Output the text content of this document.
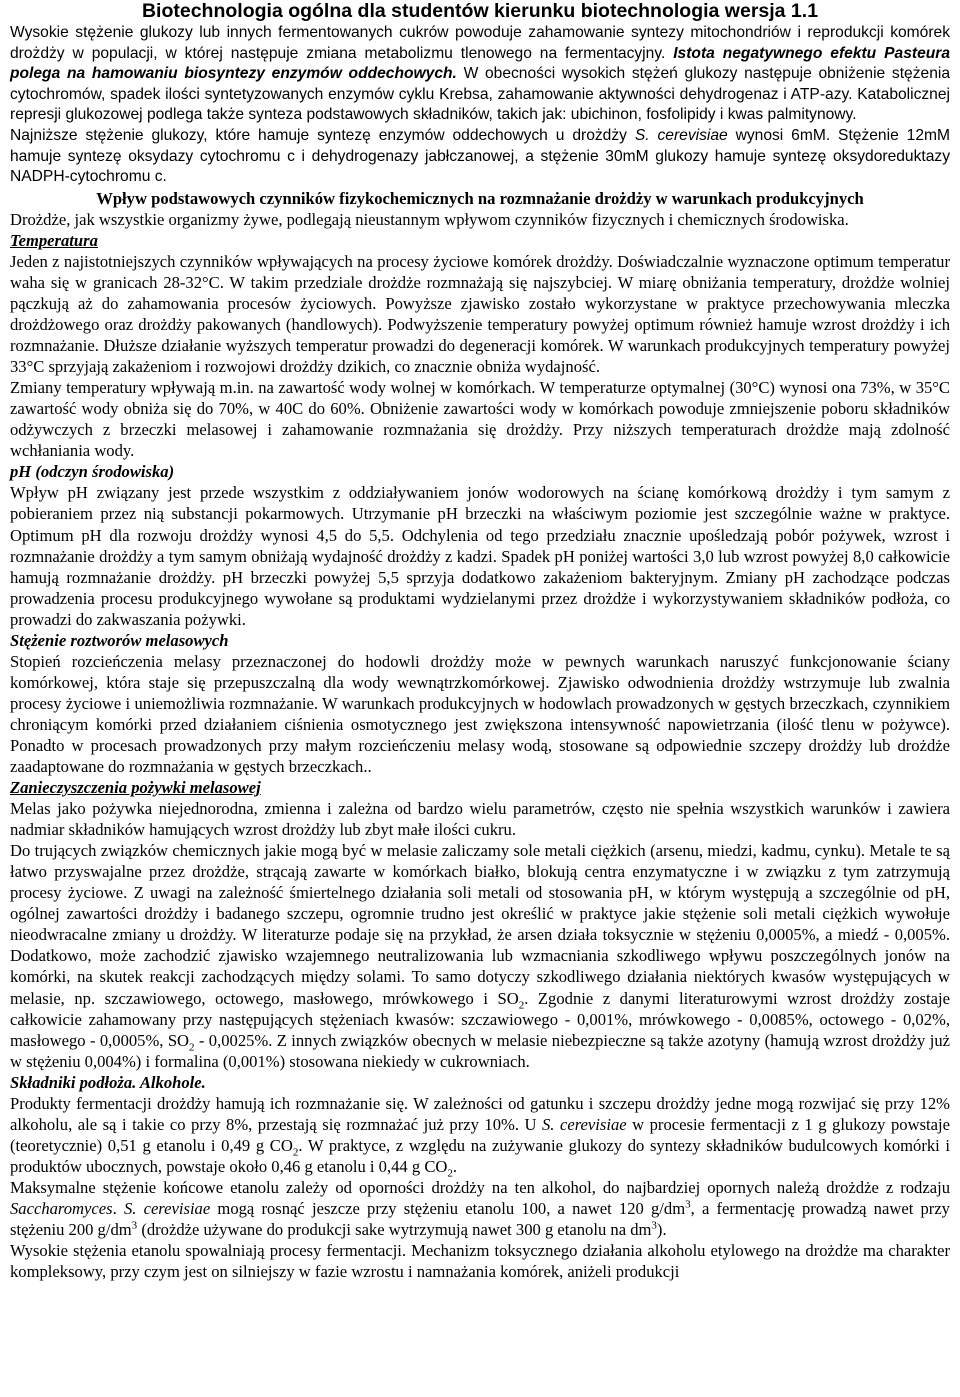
Biotechnologia ogólna dla studentów kierunku biotechnologia wersja 1.1

Wysokie stężenie glukozy lub innych fermentowanych cukrów powoduje zahamowanie syntezy mitochondriów i reprodukcji komórek drożdży w populacji, w której następuje zmiana metabolizmu tlenowego na fermentacyjny. Istota negatywnego efektu Pasteura polega na hamowaniu biosyntezy enzymów oddechowych. W obecności wysokich stężeń glukozy następuje obniżenie stężenia cytochromów, spadek ilości syntetyzowanych enzymów cyklu Krebsa, zahamowanie aktywności dehydrogenaz i ATP-azy. Katabolicznej represji glukozowej podlega także synteza podstawowych składników, takich jak: ubichinon, fosfolipidy i kwas palmitynowy.

Najniższe stężenie glukozy, które hamuje syntezę enzymów oddechowych u drożdży S. cerevisiae wynosi 6mM. Stężenie 12mM hamuje syntezę oksydazy cytochromu c i dehydrogenazy jabłczanowej, a stężenie 30mM glukozy hamuje syntezę oksydoreduktazy NADPH-cytochromu c.

Wpływ podstawowych czynników fizykochemicznych na rozmnażanie drożdży w warunkach produkcyjnych

Drożdże, jak wszystkie organizmy żywe, podlegają nieustannym wpływom czynników fizycznych i chemicznych środowiska.

Temperatura

Jeden z najistotniejszych czynników wpływających na procesy życiowe komórek drożdży. Doświadczalnie wyznaczone optimum temperatur waha się w granicach 28-32°C. W takim przedziale drożdże rozmnażają się najszybciej. W miarę obniżania temperatury, drożdże wolniej pączkują aż do zahamowania procesów życiowych. Powyższe zjawisko zostało wykorzystane w praktyce przechowywania mleczka drożdżowego oraz drożdży pakowanych (handlowych). Podwyższenie temperatury powyżej optimum również hamuje wzrost drożdży i ich rozmnażanie. Dłuższe działanie wyższych temperatur prowadzi do degeneracji komórek. W warunkach produkcyjnych temperatury powyżej 33°C sprzyjają zakażeniom i rozwojowi drożdży dzikich, co znacznie obniża wydajność.

Zmiany temperatury wpływają m.in. na zawartość wody wolnej w komórkach. W temperaturze optymalnej (30°C) wynosi ona 73%, w 35°C zawartość wody obniża się do 70%, w 40C do 60%. Obniżenie zawartości wody w komórkach powoduje zmniejszenie poboru składników odżywczych z brzeczki melasowej i zahamowanie rozmnażania się drożdży. Przy niższych temperaturach drożdże mają zdolność wchłaniania wody.

pH (odczyn środowiska)

Wpływ pH związany jest przede wszystkim z oddziaływaniem jonów wodorowych na ścianę komórkową drożdży i tym samym z pobieraniem przez nią substancji pokarmowych. Utrzymanie pH brzeczki na właściwym poziomie jest szczególnie ważne w praktyce. Optimum pH dla rozwoju drożdży wynosi 4,5 do 5,5. Odchylenia od tego przedziału znacznie upośledzają pobór pożywek, wzrost i rozmnażanie drożdży a tym samym obniżają wydajność drożdży z kadzi. Spadek pH poniżej wartości 3,0 lub wzrost powyżej 8,0 całkowicie hamują rozmnażanie drożdży. pH brzeczki powyżej 5,5 sprzyja dodatkowo zakażeniom bakteryjnym. Zmiany pH zachodzące podczas prowadzenia procesu produkcyjnego wywołane są produktami wydzielanymi przez drożdże i wykorzystywaniem składników podłoża, co prowadzi do zakwaszania pożywki.

Stężenie roztworów melasowych

Stopień rozcieńczenia melasy przeznaczonej do hodowli drożdży może w pewnych warunkach naruszyć funkcjonowanie ściany komórkowej, która staje się przepuszczalną dla wody wewnątrzkomórkowej. Zjawisko odwodnienia drożdży wstrzymuje lub zwalnia procesy życiowe i uniemożliwia rozmnażanie. W warunkach produkcyjnych w hodowlach prowadzonych w gęstych brzeczkach, czynnikiem chroniącym komórki przed działaniem ciśnienia osmotycznego jest zwiększona intensywność napowietrzania (ilość tlenu w pożywce). Ponadto w procesach prowadzonych przy małym rozcieńczeniu melasy wodą, stosowane są odpowiednie szczepy drożdży lub drożdże zaadaptowane do rozmnażania w gęstych brzeczkach..

Zanieczyszczenia pożywki melasowej

Melas jako pożywka niejednorodna, zmienna i zależna od bardzo wielu parametrów, często nie spełnia wszystkich warunków i zawiera nadmiar składników hamujących wzrost drożdży lub zbyt małe ilości cukru.

Do trujących związków chemicznych jakie mogą być w melasie zaliczamy sole metali ciężkich (arsenu, miedzi, kadmu, cynku). Metale te są łatwo przyswajalne przez drożdże, strącają zawarte w komórkach białko, blokują centra enzymatyczne i w związku z tym zatrzymują procesy życiowe. Z uwagi na zależność śmiertelnego działania soli metali od stosowania pH, w którym występują a szczególnie od pH, ogólnej zawartości drożdży i badanego szczepu, ogromnie trudno jest określić w praktyce jakie stężenie soli metali ciężkich wywołuje nieodwracalne zmiany u drożdży. W literaturze podaje się na przykład, że arsen działa toksycznie w stężeniu 0,0005%, a miedź - 0,005%. Dodatkowo, może zachodzić zjawisko wzajemnego neutralizowania lub wzmacniania szkodliwego wpływu poszczególnych jonów na komórki, na skutek reakcji zachodzących między solami. To samo dotyczy szkodliwego działania niektórych kwasów występujących w melasie, np. szczawiowego, octowego, masłowego, mrówkowego i $SO_2$. Zgodnie z danymi literaturowymi wzrost drożdży zostaje całkowicie zahamowany przy następujących stężeniach kwasów: szczawiowego - 0,001%, mrówkowego - 0,0085%, octowego - 0,02%, masłowego - 0,0005%, $SO_2 - 0,0025\%$. Z innych związków obecnych w melasie niebezpieczne są także azotyny (hamują wzrost drożdży już w stężeniu 0,004%) i formalina (0,001%) stosowana niekiedy w cukrowniach.

Składniki podłoża. Alkohole.

Produkty fermentacji drożdży hamują ich rozmnażanie się. W zależności od gatunku i szczepu drożdży jedne mogą rozwijać się przy 12% alkoholu, ale są i takie co przy 8%, przestają się rozmnażać już przy 10%. U S. cerevisiae w procesie fermentacji z 1 g glukozy powstaje (teoretycznie) 0,51 g etanolu i 0,49 g $CO_2$. W praktyce, z względu na zużywanie glukozy do syntezy składników budulcowych komórki i produktów ubocznych, powstaje około 0,46 g etanolu i 0,44 g $CO_2$.

Maksymalne stężenie końcowe etanolu zależy od oporności drożdży na ten alkohol, do najbardziej opornych należą drożdże z rodzaju Saccharomyces. S. cerevisiae mogą rosnąć jeszcze przy stężeniu etanolu 100, a nawet 120 $g/dm^3$, a fermentację prowadzą nawet przy stężeniu 200 $g/dm^3$ (drożdże używane do produkcji sake wytrzymują nawet 300 g etanolu na $dm^3$).

Wysokie stężenia etanolu spowalniają procesy fermentacji. Mechanizm toksycznego działania alkoholu etylowego na drożdże ma charakter kompleksowy, przy czym jest on silniejszy w fazie wzrostu i namnażania komórek, aniżeli produkcji
